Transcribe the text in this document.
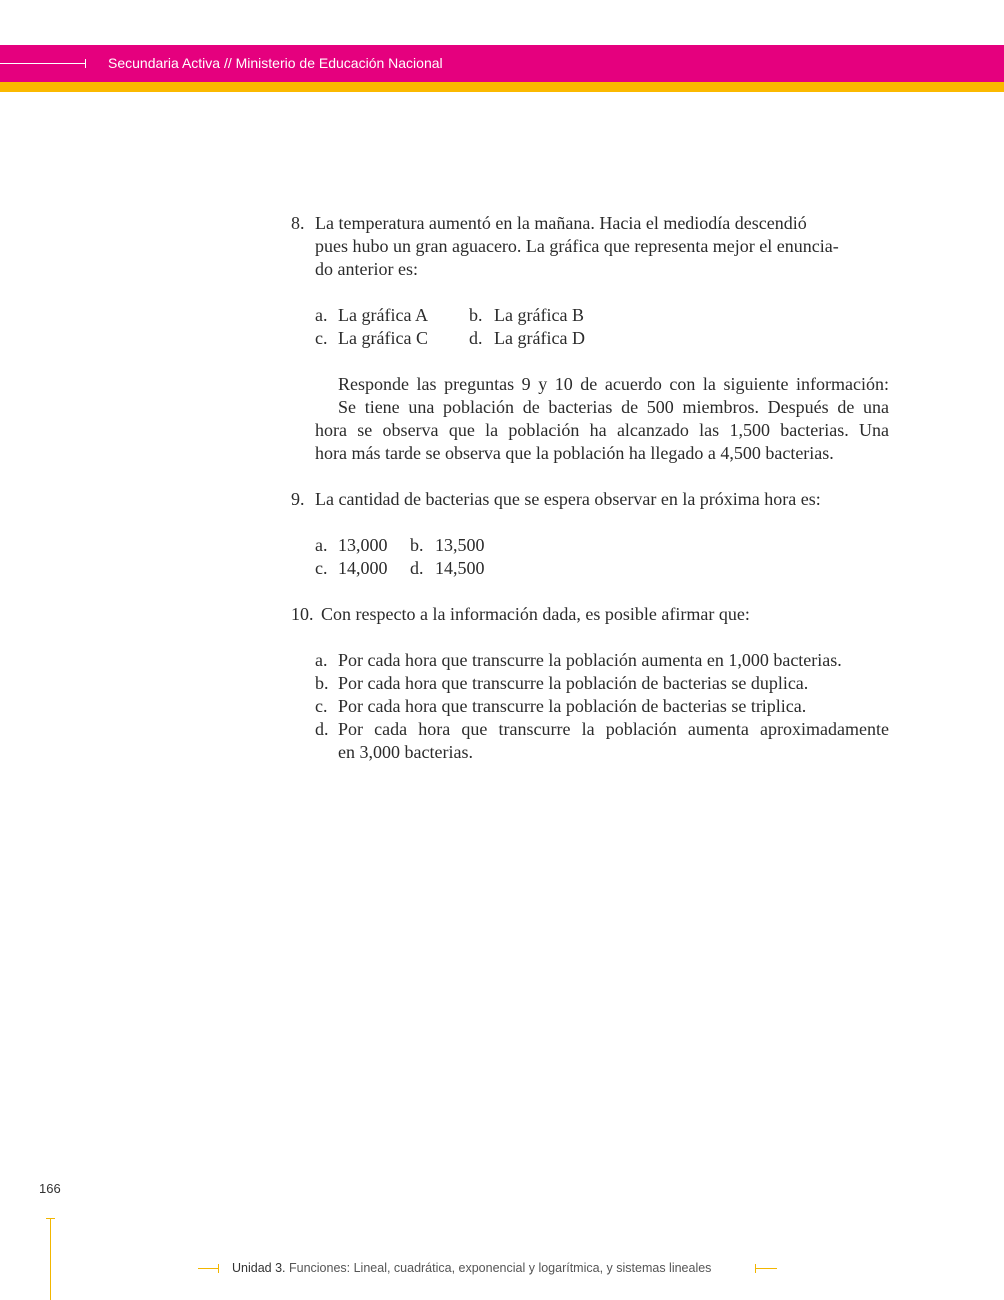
Secundaria Activa // Ministerio de Educación Nacional
8. La temperatura aumentó en la mañana. Hacia el mediodía descendió
pues hubo un gran aguacero. La gráfica que representa mejor el enuncia-
do anterior es:
a. La gráfica A b. La gráfica B
c. La gráfica C d. La gráfica D
Responde las preguntas 9 y 10 de acuerdo con la siguiente información:
Se tiene una población de bacterias de 500 miembros. Después de una
hora se observa que la población ha alcanzado las 1,500 bacterias. Una
hora más tarde se observa que la población ha llegado a 4,500 bacterias.
9. La cantidad de bacterias que se espera observar en la próxima hora es:
a. 13,000 b. 13,500
c. 14,000 d. 14,500
10. Con respecto a la información dada, es posible afirmar que:
a. Por cada hora que transcurre la población aumenta en 1,000 bacterias.
b. Por cada hora que transcurre la población de bacterias se duplica.
c. Por cada hora que transcurre la población de bacterias se triplica.
d. Por cada hora que transcurre la población aumenta aproximadamente
en 3,000 bacterias.
166
Unidad 3. Funciones: Lineal, cuadrática, exponencial y logarítmica, y sistemas lineales
